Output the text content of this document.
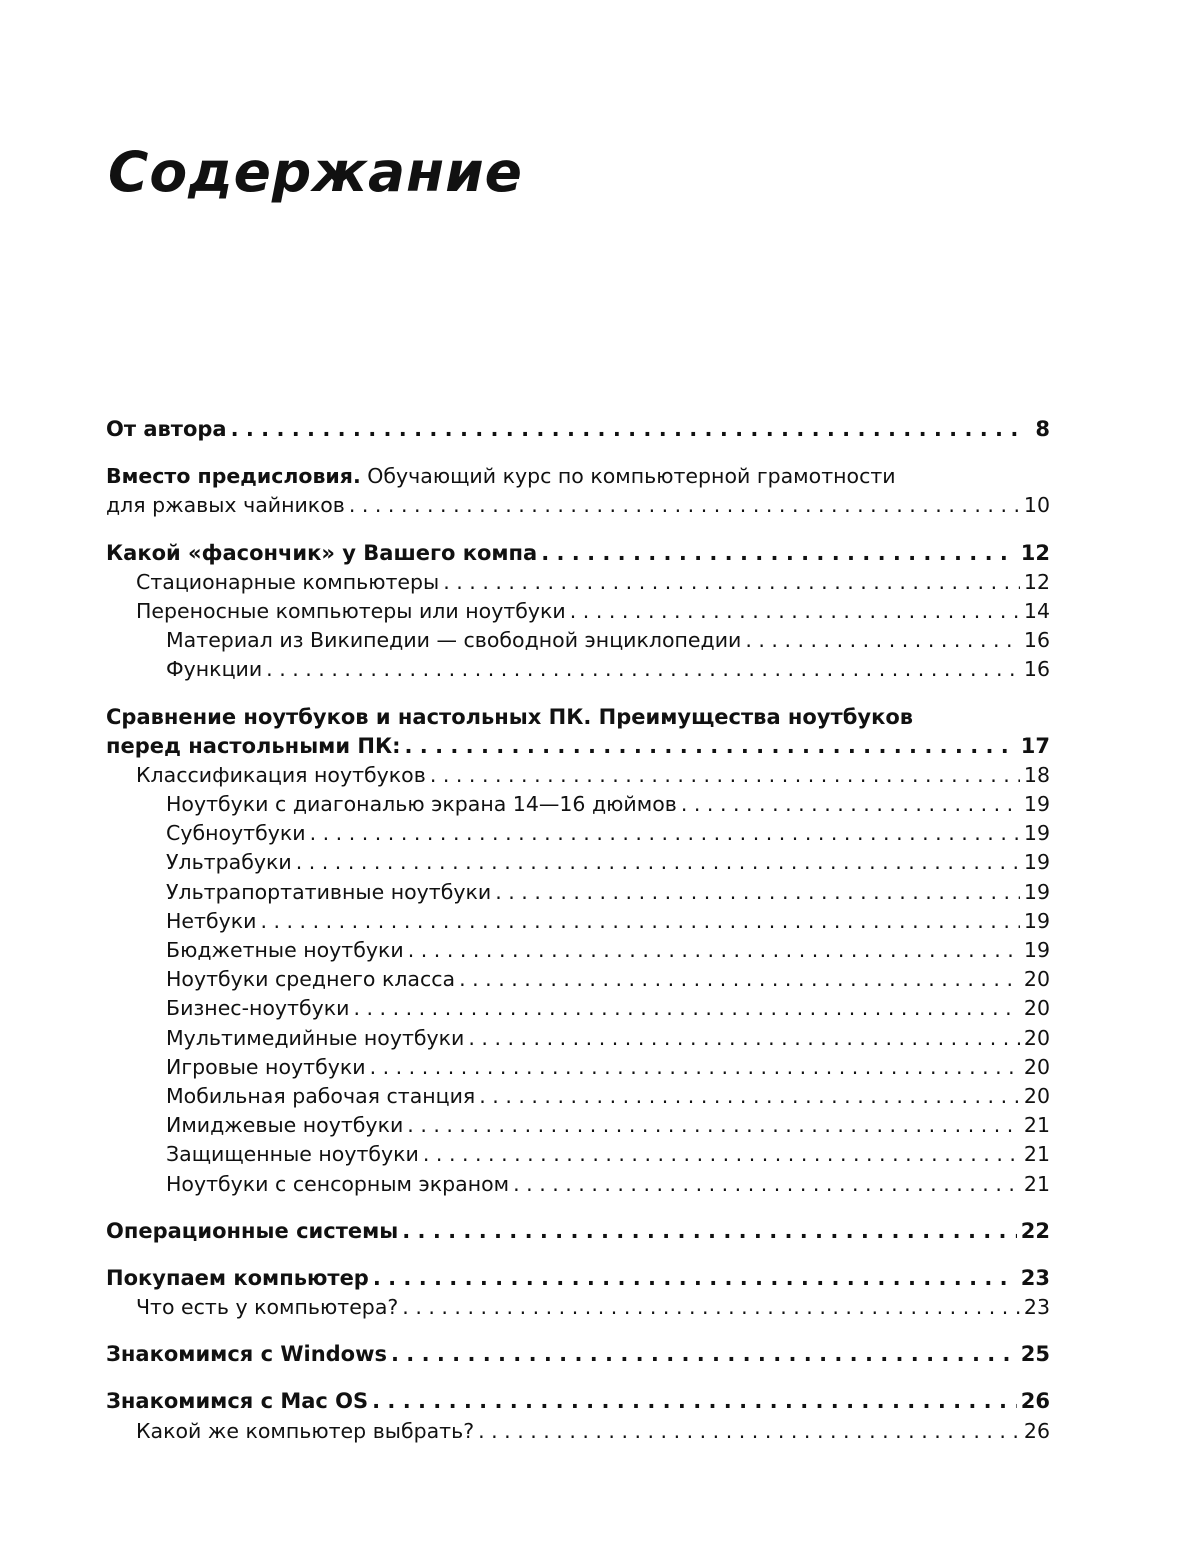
Содержание
От автора . . .	8
Вместо предисловия. Обучающий курс по компьютерной грамотности
для ржавых чайников . . .	10
Какой «фасончик» у Вашего компа . . .	12
Стационарные компьютеры . . .	12
Переносные компьютеры или ноутбуки . . .	14
Материал из Википедии — свободной энциклопедии . . .	16
Функции . . .	16
Сравнение ноутбуков и настольных ПК. Преимущества ноутбуков
перед настольными ПК: . . .	17
Классификация ноутбуков . . .	18
Ноутбуки с диагональю экрана 14—16 дюймов . . .	19
Субноутбуки . . .	19
Ультрабуки . . .	19
Ультрапортативные ноутбуки . . .	19
Нетбуки . . .	19
Бюджетные ноутбуки . . .	19
Ноутбуки среднего класса . . .	20
Бизнес-ноутбуки . . .	20
Мультимедийные ноутбуки . . .	20
Игровые ноутбуки . . .	20
Мобильная рабочая станция . . .	20
Имиджевые ноутбуки . . .	21
Защищенные ноутбуки . . .	21
Ноутбуки с сенсорным экраном . . .	21
Операционные системы . . .	22
Покупаем компьютер . . .	23
Что есть у компьютера? . . .	23
Знакомимся с Windows . . .	25
Знакомимся с Mac OS . . .	26
Какой же компьютер выбрать? . . .	26
